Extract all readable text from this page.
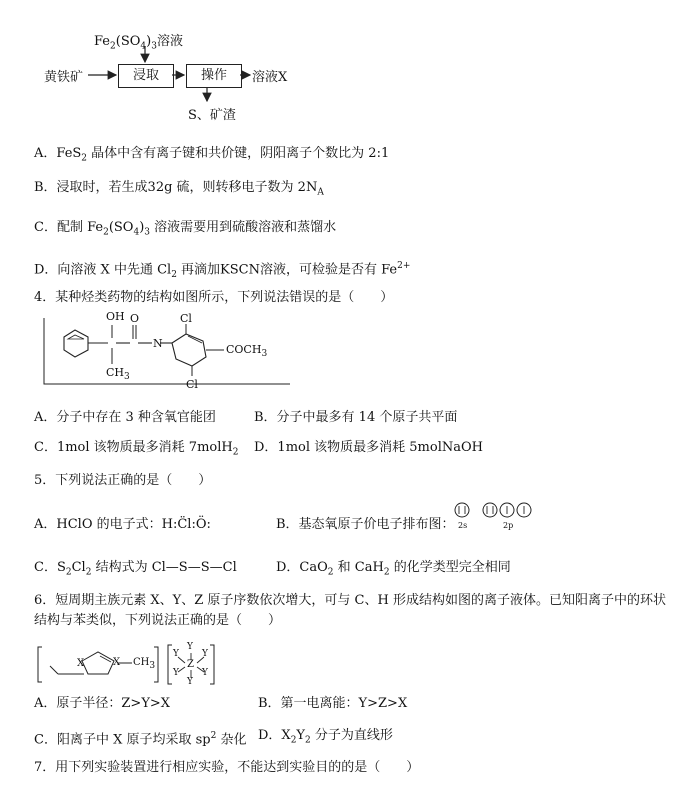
$Fe_2(SO_4)_3$溶液
黄铁矿	浸取	操作	溶液X
S、矿渣
A．FeS$_2$ 晶体中含有离子键和共价键，阴阳离子个数比为 2:1
B．浸取时，若生成32g 硫，则转移电子数为 $2N_A$
C．配制 $Fe_2(SO_4)_3$ 溶液需要用到硫酸溶液和蒸馏水
D．向溶液 X 中先通 $Cl_2$ 再滴加KSCN溶液，可检验是否有 $Fe^{2+}$
4．某种烃类药物的结构如图所示，下列说法错误的是（　　）
OH O
$CH_3$
N
Cl
Cl
$COCH_3$
A．分子中存在 3 种含氧官能团	B．分子中最多有 14 个原子共平面
C．1mol 该物质最多消耗 7molH$_2$ D．1mol 该物质最多消耗 5molNaOH
5．下列说法正确的是（　　）
A．HClO 的电子式：H:C̈l:Ö:	B．基态氧原子价电子排布图： 2s	2p
C．$S_2Cl_2$ 结构式为 Cl—S—S—Cl	D．CaO$_2$ 和 CaH$_2$ 的化学类型完全相同
6．短周期主族元素 X、Y、Z 原子序数依次增大，可与 C、H 形成结构如图的离子液体。已知阳离子中的环状
结构与苯类似，下列说法正确的是（　　）
X	X $CH_3$	Z
Y
Y
Y	Y
Y	Y
A．原子半径：Z>Y>X	B．第一电离能：Y>Z>X
C．阳离子中 X 原子均采取 $sp^2$ 杂化 D．$X_2Y_2$ 分子为直线形
7．用下列实验装置进行相应实验，不能达到实验目的的是（　　）
